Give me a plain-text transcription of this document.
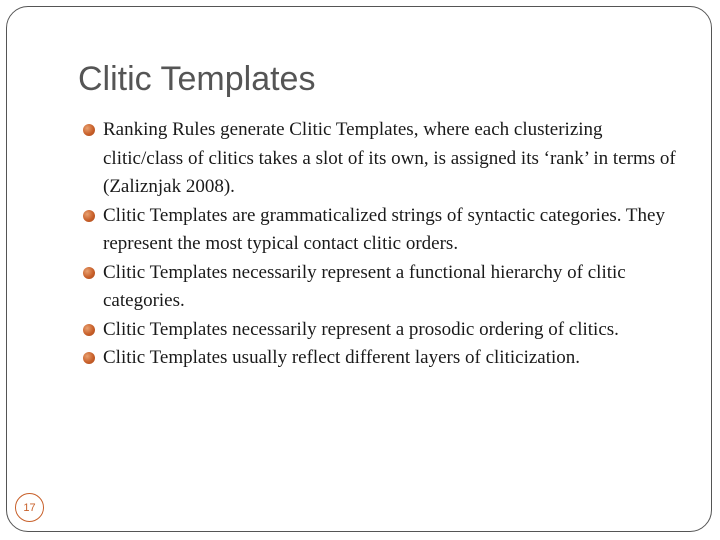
Clitic Templates
Ranking Rules generate Clitic Templates, where each clusterizing clitic/class of clitics takes a slot of its own, is assigned its ‘rank’ in terms of (Zaliznjak 2008).
Clitic Templates are grammaticalized strings of syntactic categories. They represent the most typical contact clitic orders.
Clitic Templates necessarily represent a functional hierarchy of clitic categories.
Clitic Templates necessarily represent a prosodic ordering of clitics.
Clitic Templates usually reflect different layers of cliticization.
17
